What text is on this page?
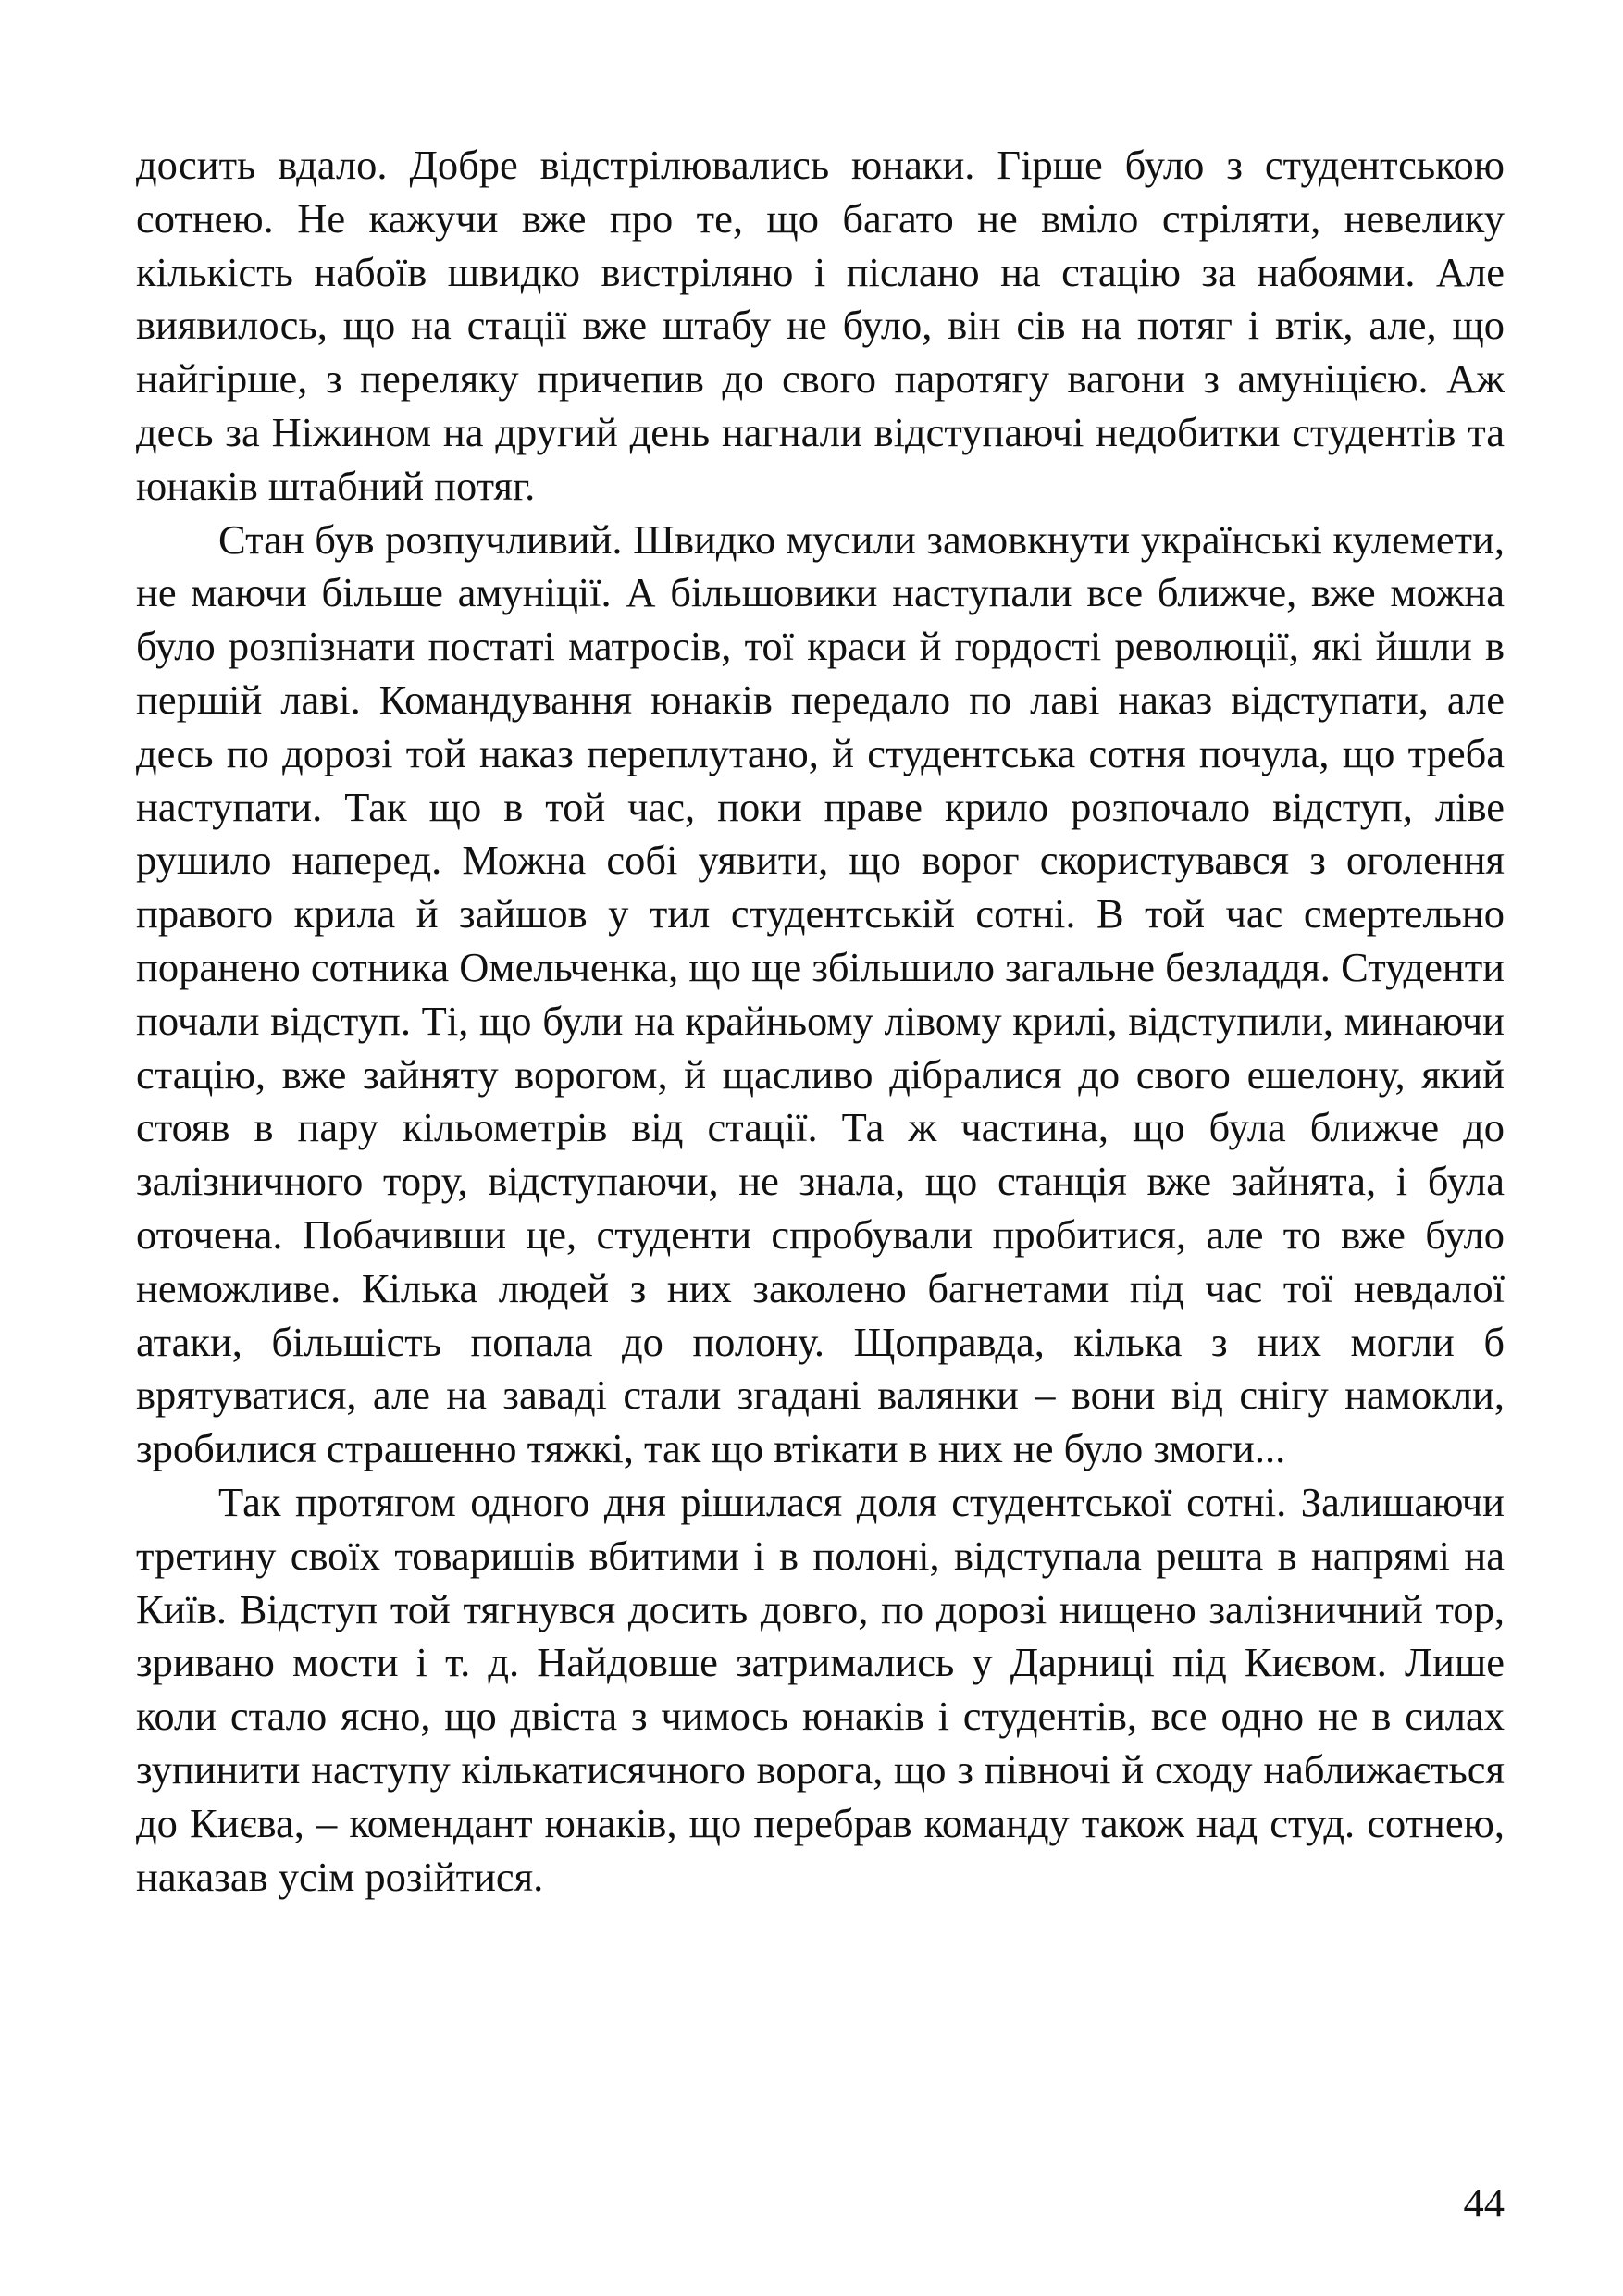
досить вдало. Добре відстрілювались юнаки. Гірше було з студентською сотнею. Не кажучи вже про те, що багато не вміло стріляти, невелику кількість набоїв швидко вистріляно і післано на стацію за набоями. Але виявилось, що на стації вже штабу не було, він сів на потяг і втік, але, що найгірше, з переляку причепив до свого паротягу вагони з амуніцією. Аж десь за Ніжином на другий день нагнали відступаючі недобитки студентів та юнаків штабний потяг.

Стан був розпучливий. Швидко мусили замовкнути українські кулемети, не маючи більше амуніції. А більшовики наступали все ближче, вже можна було розпізнати постаті матросів, тої краси й гордості революції, які йшли в першій лаві. Командування юнаків передало по лаві наказ відступати, але десь по дорозі той наказ переплутано, й студентська сотня почула, що треба наступати. Так що в той час, поки праве крило розпочало відступ, ліве рушило наперед. Можна собі уявити, що ворог скористувався з оголення правого крила й зайшов у тил студентській сотні. В той час смертельно поранено сотника Омельченка, що ще збільшило загальне безладдя. Студенти почали відступ. Ті, що були на крайньому лівому крилі, відступили, минаючи стацію, вже зайняту ворогом, й щасливо дібралися до свого ешелону, який стояв в пару кільометрів від стації. Та ж частина, що була ближче до залізничного тору, відступаючи, не знала, що станція вже зайнята, і була оточена. Побачивши це, студенти спробували пробитися, але то вже було неможливе. Кілька людей з них заколено багнетами під час тої невдалої атаки, більшість попала до полону. Щоправда, кілька з них могли б врятуватися, але на заваді стали згадані валянки – вони від снігу намокли, зробилися страшенно тяжкі, так що втікати в них не було змоги...

Так протягом одного дня рішилася доля студентської сотні. Залишаючи третину своїх товаришів вбитими і в полоні, відступала решта в напрямі на Київ. Відступ той тягнувся досить довго, по дорозі нищено залізничний тор, зривано мости і т. д. Найдовше затримались у Дарниці під Києвом. Лише коли стало ясно, що двіста з чимось юнаків і студентів, все одно не в силах зупинити наступу кількатисячного ворога, що з півночі й сходу наближається до Києва, – комендант юнаків, що перебрав команду також над студ. сотнею, наказав усім розійтися.

44
